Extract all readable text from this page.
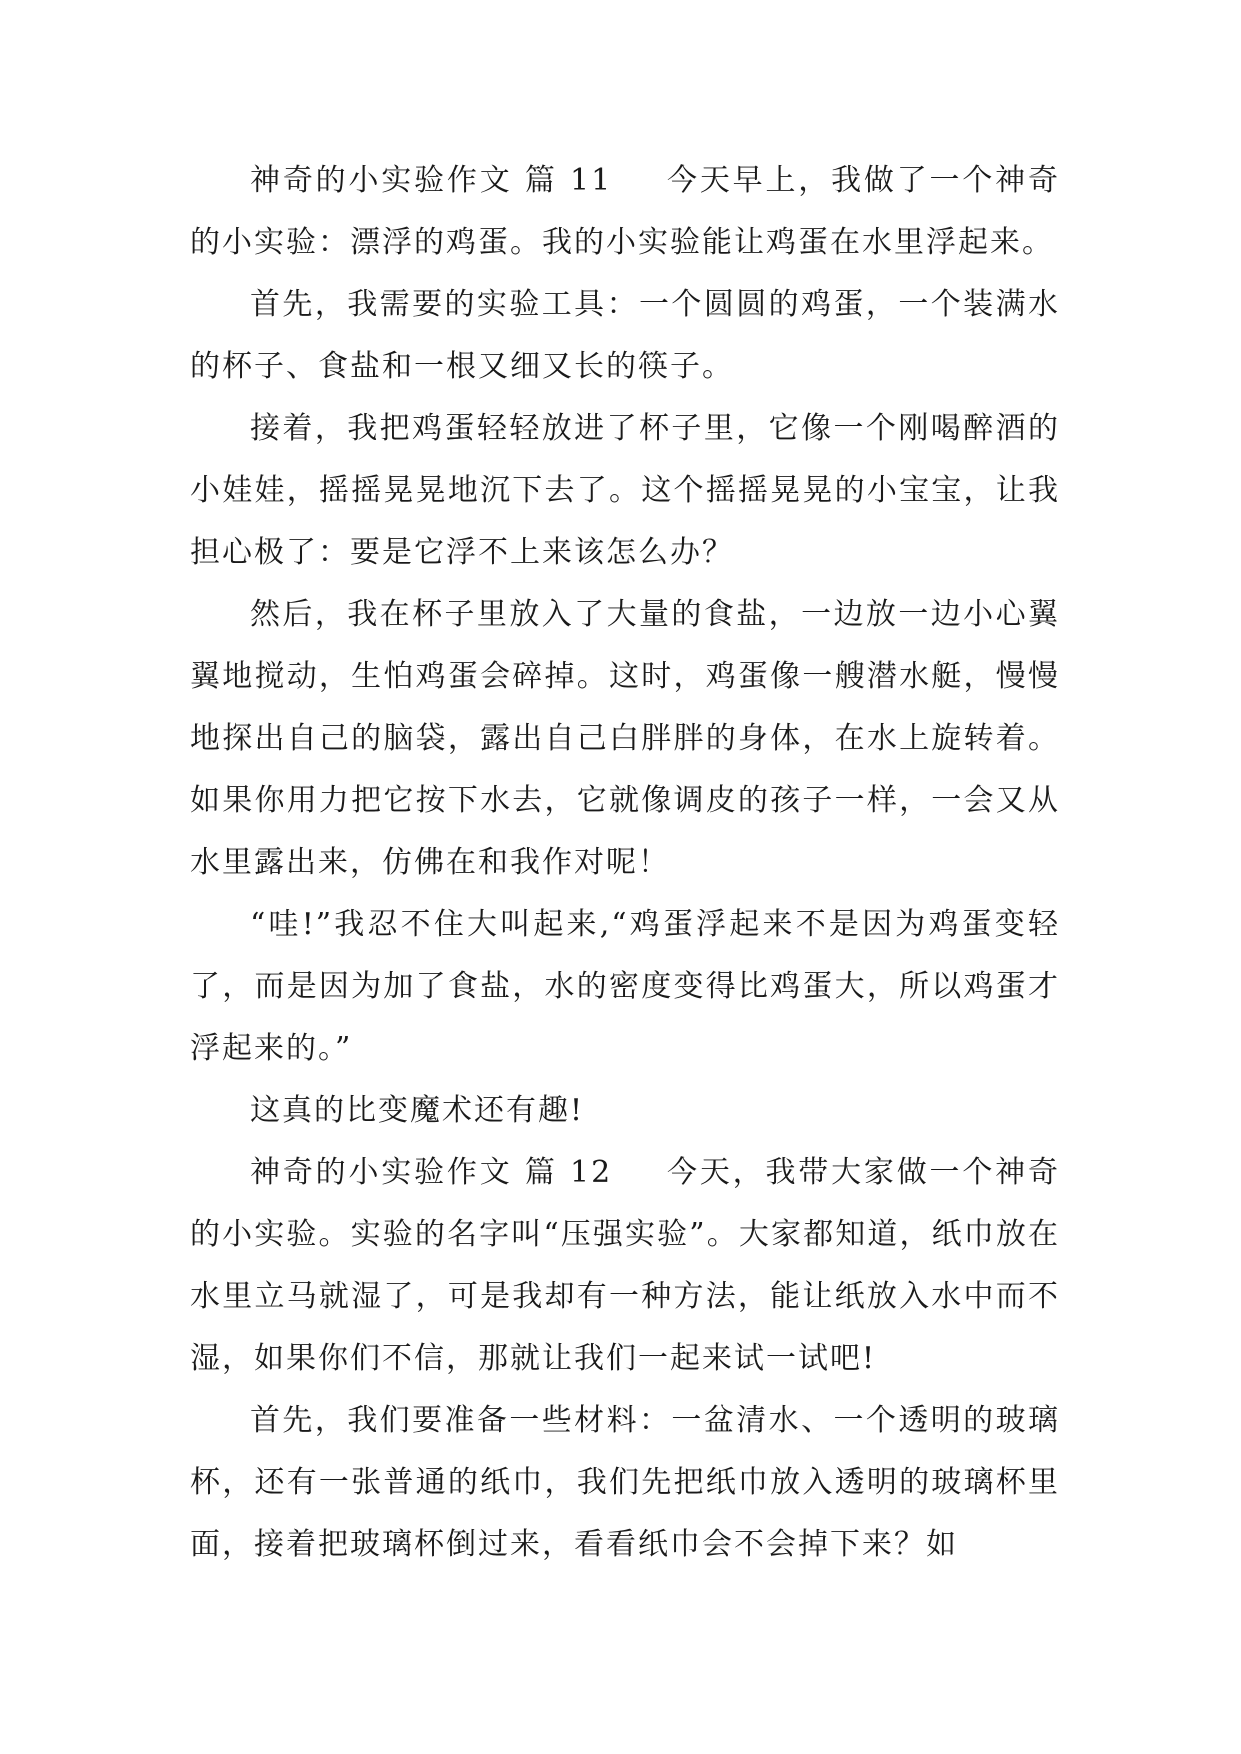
神奇的小实验作文 篇 11 今天早上，我做了一个神奇的小实验：漂浮的鸡蛋。我的小实验能让鸡蛋在水里浮起来。

首先，我需要的实验工具：一个圆圆的鸡蛋，一个装满水的杯子、食盐和一根又细又长的筷子。

接着，我把鸡蛋轻轻放进了杯子里，它像一个刚喝醉酒的小娃娃，摇摇晃晃地沉下去了。这个摇摇晃晃的小宝宝，让我担心极了：要是它浮不上来该怎么办？

然后，我在杯子里放入了大量的食盐，一边放一边小心翼翼地搅动，生怕鸡蛋会碎掉。这时，鸡蛋像一艘潜水艇，慢慢地探出自己的脑袋，露出自己白胖胖的身体，在水上旋转着。如果你用力把它按下水去，它就像调皮的孩子一样，一会又从水里露出来，仿佛在和我作对呢！

“哇!”我忍不住大叫起来,“鸡蛋浮起来不是因为鸡蛋变轻了，而是因为加了食盐，水的密度变得比鸡蛋大，所以鸡蛋才浮起来的。”

这真的比变魔术还有趣!

神奇的小实验作文 篇 12 今天，我带大家做一个神奇的小实验。实验的名字叫“压强实验”。大家都知道，纸巾放在水里立马就湿了，可是我却有一种方法，能让纸放入水中而不湿，如果你们不信，那就让我们一起来试一试吧!

首先，我们要准备一些材料：一盆清水、一个透明的玻璃杯，还有一张普通的纸巾，我们先把纸巾放入透明的玻璃杯里面，接着把玻璃杯倒过来，看看纸巾会不会掉下来？如
